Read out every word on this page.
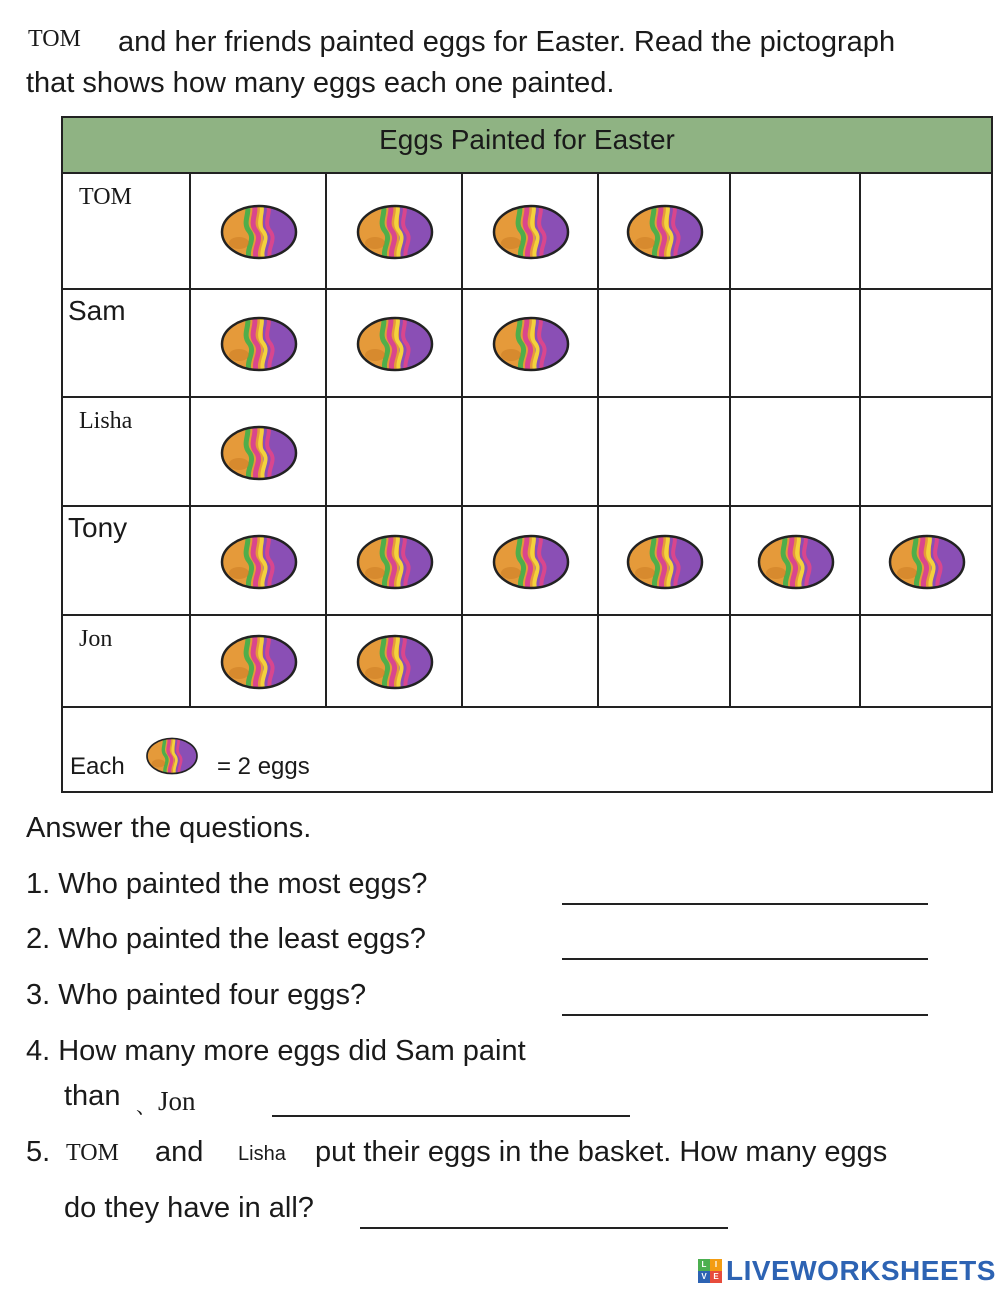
TOM and her friends painted eggs for Easter. Read the pictograph
that shows how many eggs each one painted.
Eggs Painted for Easter
TOM
Sam
Lisha
Tony
Jon
Each	= 2 eggs
Answer the questions.
1. Who painted the most eggs?
2. Who painted the least eggs?
3. Who painted four eggs?
4. How many more eggs did Sam paint
than 、 Jon
5. TOM and Lisha put their eggs in the basket. How many eggs
do they have in all?
L	I
V E LIVEWORKSHEETS
